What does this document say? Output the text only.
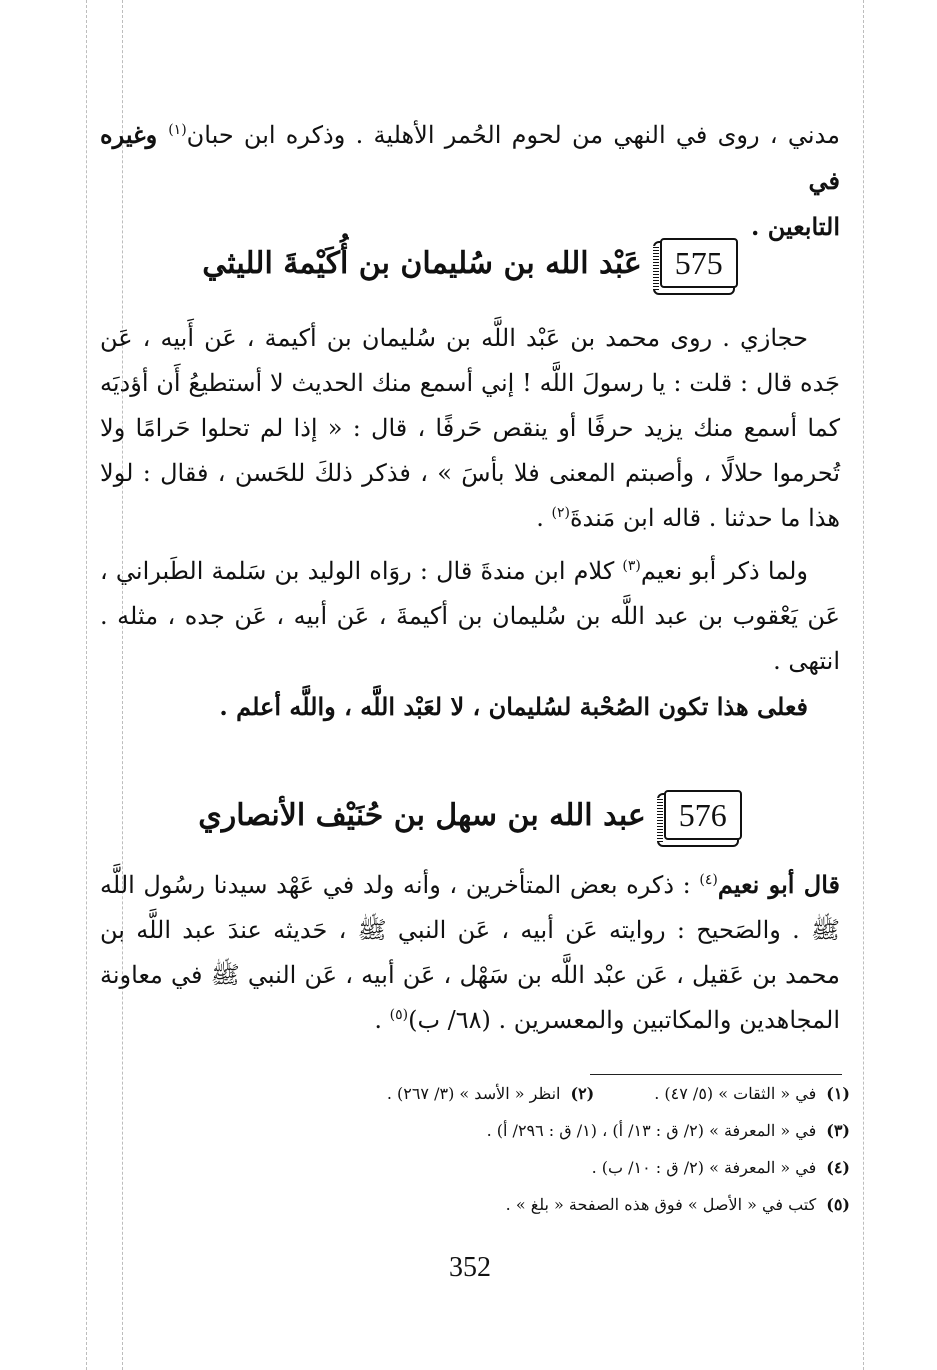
مدني ، روى في النهي من لحوم الحُمر الأهلية . وذكره ابن حبان$^{(١)}$ وغيره في

التابعين .

575
عَبْد الله بن سُليمان بن أُكَيْمةَ الليثي

حجازي . روى محمد بن عَبْد اللَّه بن سُليمان بن أكيمة ، عَن أَبيه ، عَن جَده قال : قلت : يا رسولَ اللَّه ! إني أسمع منك الحديث لا أستطيعُ أَن أؤديَه كما أسمع منك يزيد حرفًا أو ينقص حَرفًا ، قال : « إذا لم تحلوا حَرامًا ولا تُحرموا حلالًا ، وأصبتم المعنى فلا بأسَ » ، فذكر ذلكَ للحَسن ، فقال : لولا هذا ما حدثنا . قاله ابن مَندةَ$^{(٢)}$ .

ولما ذكر أبو نعيم$^{(٣)}$ كلام ابن مندةَ قال : روَاه الوليد بن سَلمة الطَبراني ، عَن يَعْقوب بن عبد اللَّه بن سُليمان بن أكيمةَ ، عَن أبيه ، عَن جده ، مثله . انتهى .

فعلى هذا تكون الصُحْبة لسُليمان ، لا لعَبْد اللَّه ، واللَّه أعلم .

576
عبد الله بن سهل بن حُنَيْف الأنصاري

قال أبو نعيم$^{(٤)}$ : ذكره بعض المتأخرين ، وأنه ولد في عَهْد سيدنا رسُول اللَّه ﷺ . والصَحيح : روايته عَن أبيه ، عَن النبي ﷺ ، حَديثه عندَ عبد اللَّه بن محمد بن عَقيل ، عَن عبْد اللَّه بن سَهْل ، عَن أبيه ، عَن النبي ﷺ في معاونة المجاهدين والمكاتبين والمعسرين . (٦٨/ ب)$^{(٥)}$ .

(١)في « الثقات » (٥/ ٤٧) .
(٢)انظر « الأسد » (٣/ ٢٦٧) .
(٣)في « المعرفة » (٢/ ق : ١٣/ أ) ، (١/ ق : ٢٩٦/ أ) .
(٤)في « المعرفة » (٢/ ق : ١٠/ ب) .
(٥)كتب في « الأصل » فوق هذه الصفحة « بلغ » .
352
